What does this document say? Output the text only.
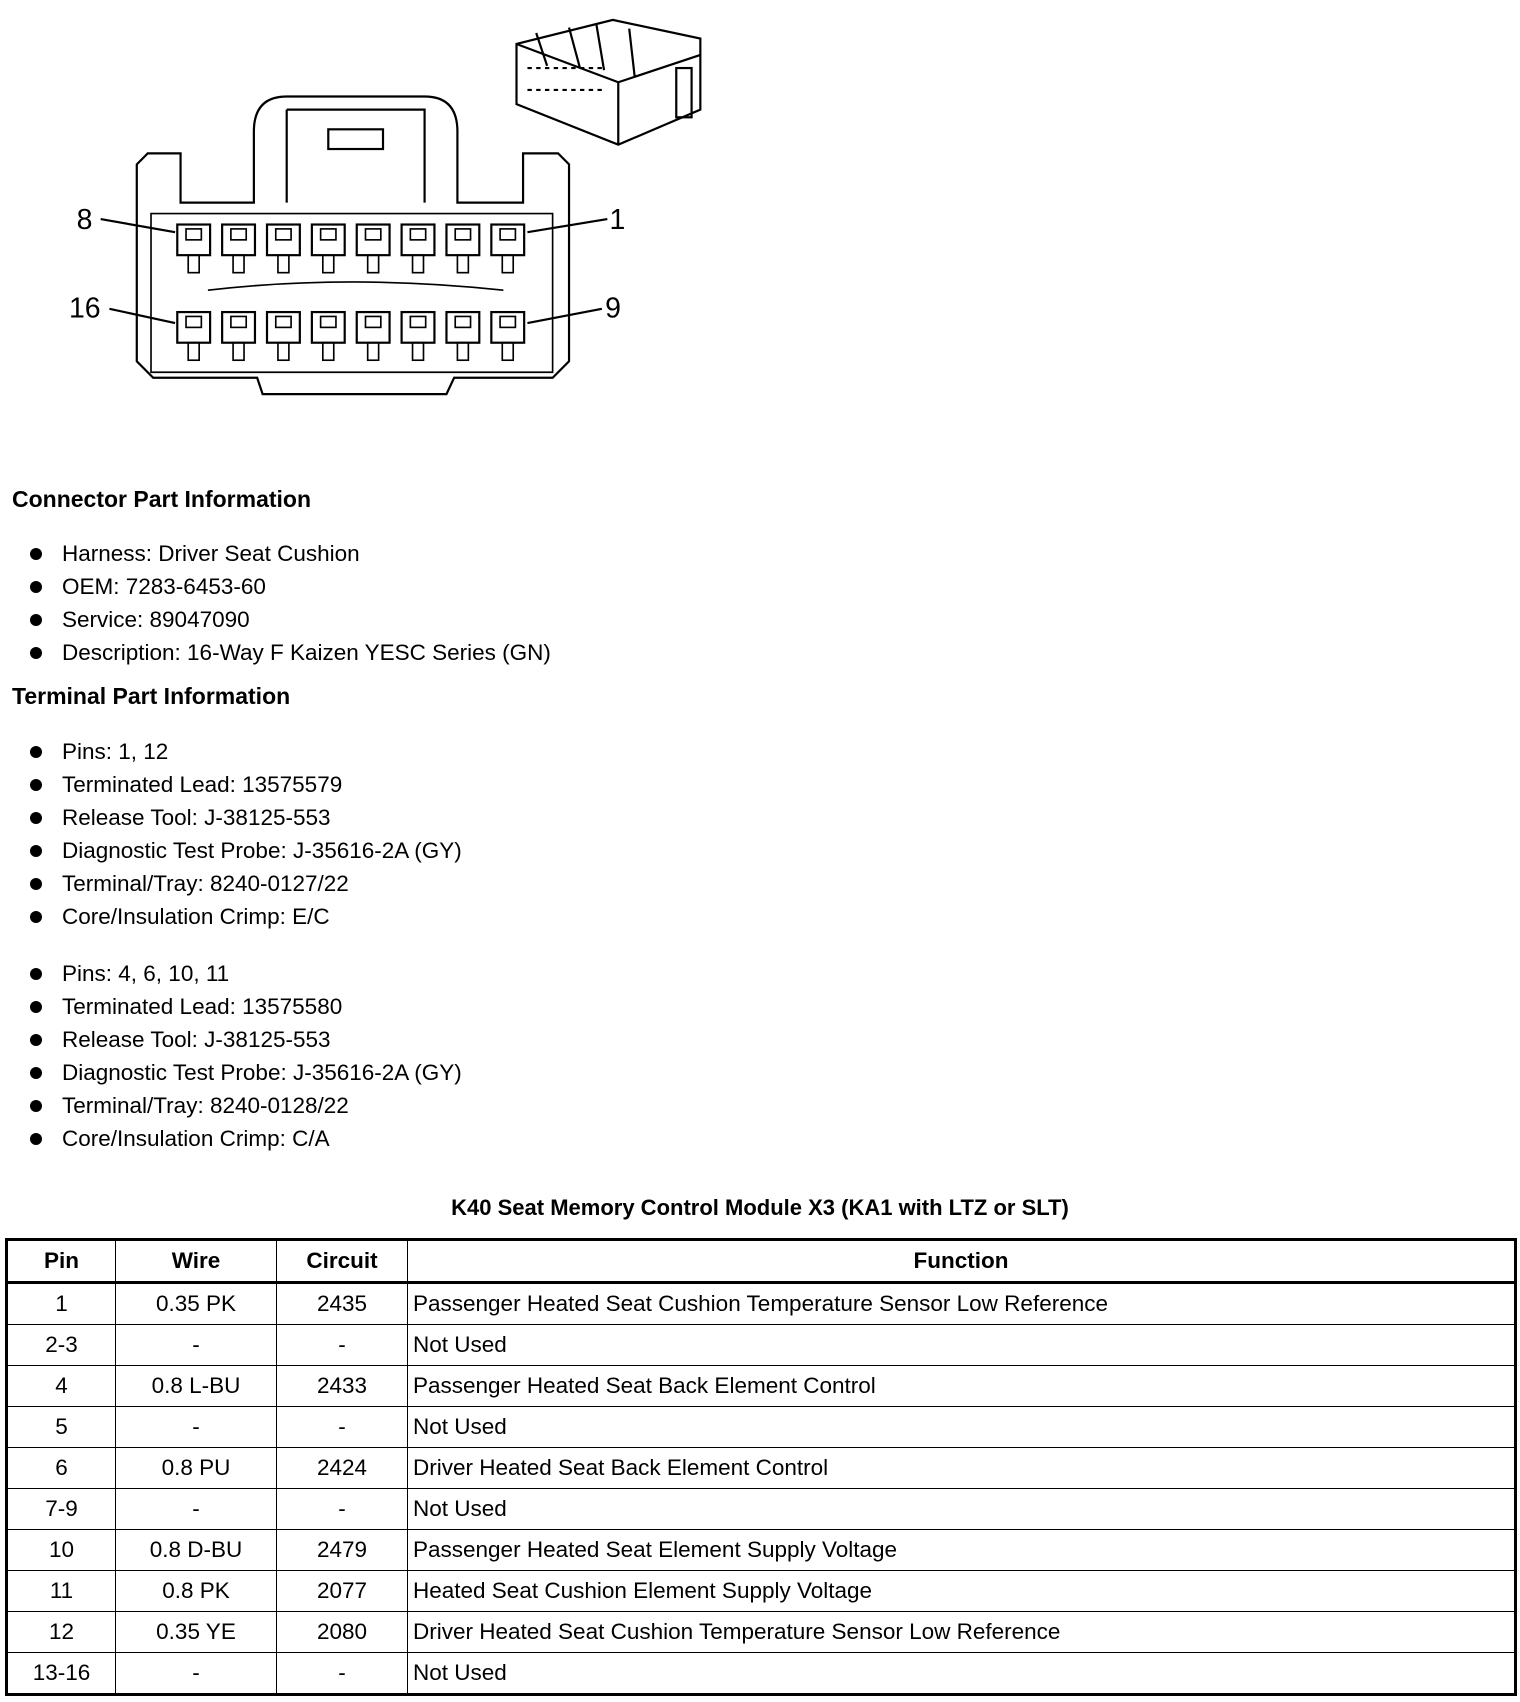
8	1
16	9
Connector Part Information
Harness: Driver Seat Cushion
OEM: 7283-6453-60
Service: 89047090
Description: 16-Way F Kaizen YESC Series (GN)
Terminal Part Information
Pins: 1, 12
Terminated Lead: 13575579
Release Tool: J-38125-553
Diagnostic Test Probe: J-35616-2A (GY)
Terminal/Tray: 8240-0127/22
Core/Insulation Crimp: E/C
Pins: 4, 6, 10, 11
Terminated Lead: 13575580
Release Tool: J-38125-553
Diagnostic Test Probe: J-35616-2A (GY)
Terminal/Tray: 8240-0128/22
Core/Insulation Crimp: C/A
K40 Seat Memory Control Module X3 (KA1 with LTZ or SLT)
Pin	Wire	Circuit	Function
1	0.35 PK	2435	Passenger Heated Seat Cushion Temperature Sensor Low Reference
2-3	-	-	Not Used
4	0.8 L-BU	2433	Passenger Heated Seat Back Element Control
5	-	-	Not Used
6	0.8 PU	2424	Driver Heated Seat Back Element Control
7-9	-	-	Not Used
10	0.8 D-BU	2479	Passenger Heated Seat Element Supply Voltage
11	0.8 PK	2077	Heated Seat Cushion Element Supply Voltage
12	0.35 YE	2080	Driver Heated Seat Cushion Temperature Sensor Low Reference
13-16	-	-	Not Used
